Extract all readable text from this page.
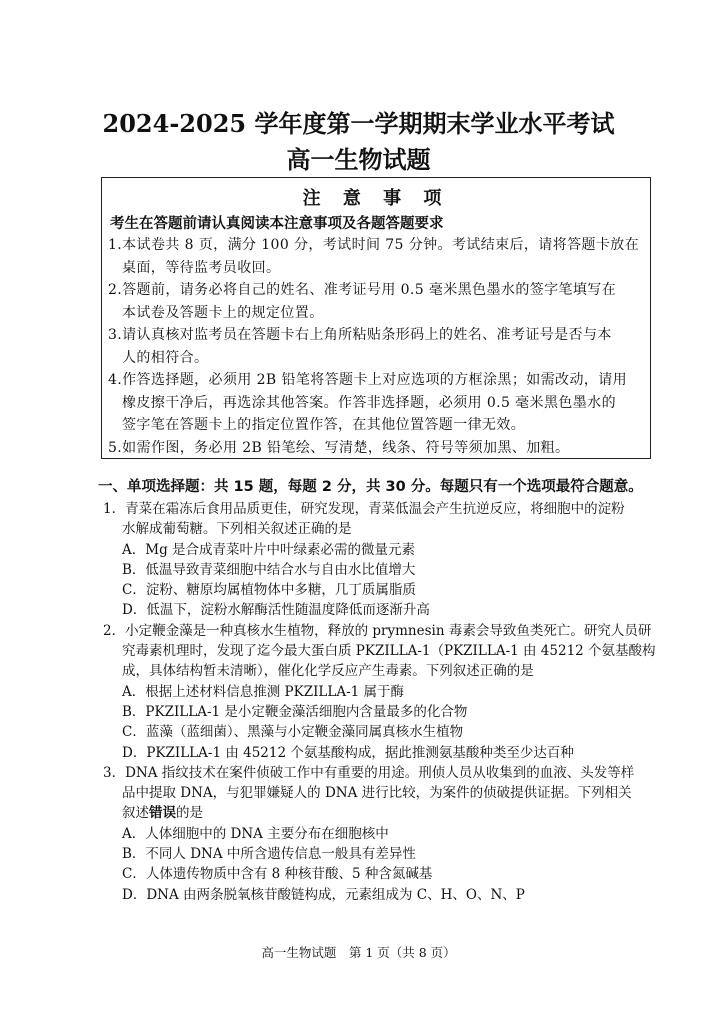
2024-2025 学年度第一学期期末学业水平考试
高一生物试题
注 意 事 项
考生在答题前请认真阅读本注意事项及各题答题要求
1.本试卷共 8 页，满分 100 分，考试时间 75 分钟。考试结束后，请将答题卡放在
桌面，等待监考员收回。
2.答题前，请务必将自己的姓名、准考证号用 0.5 毫米黑色墨水的签字笔填写在
本试卷及答题卡上的规定位置。
3.请认真核对监考员在答题卡右上角所粘贴条形码上的姓名、准考证号是否与本
人的相符合。
4.作答选择题，必须用 2B 铅笔将答题卡上对应选项的方框涂黑；如需改动，请用
橡皮擦干净后，再选涂其他答案。作答非选择题，必须用 0.5 毫米黑色墨水的
签字笔在答题卡上的指定位置作答，在其他位置答题一律无效。
5.如需作图，务必用 2B 铅笔绘、写清楚，线条、符号等须加黑、加粗。
一、单项选择题：共 15 题，每题 2 分，共 30 分。每题只有一个选项最符合题意。
1．青菜在霜冻后食用品质更佳，研究发现，青菜低温会产生抗逆反应，将细胞中的淀粉
水解成葡萄糖。下列相关叙述正确的是
A．Mg 是合成青菜叶片中叶绿素必需的微量元素
B．低温导致青菜细胞中结合水与自由水比值增大
C．淀粉、糖原均属植物体中多糖，几丁质属脂质
D．低温下，淀粉水解酶活性随温度降低而逐渐升高
2．小定鞭金藻是一种真核水生植物，释放的 prymnesin 毒素会导致鱼类死亡。研究人员研
究毒素机理时，发现了迄今最大蛋白质 PKZILLA-1（PKZILLA-1 由 45212 个氨基酸构
成，具体结构暂未清晰），催化化学反应产生毒素。下列叙述正确的是
A．根据上述材料信息推测 PKZILLA-1 属于酶
B．PKZILLA-1 是小定鞭金藻活细胞内含量最多的化合物
C．蓝藻（蓝细菌）、黑藻与小定鞭金藻同属真核水生植物
D．PKZILLA-1 由 45212 个氨基酸构成，据此推测氨基酸种类至少达百种
3．DNA 指纹技术在案件侦破工作中有重要的用途。刑侦人员从收集到的血液、头发等样
品中提取 DNA，与犯罪嫌疑人的 DNA 进行比较，为案件的侦破提供证据。下列相关
叙述错误的是
A．人体细胞中的 DNA 主要分布在细胞核中
B．不同人 DNA 中所含遗传信息一般具有差异性
C．人体遗传物质中含有 8 种核苷酸、5 种含氮碱基
D．DNA 由两条脱氧核苷酸链构成，元素组成为 C、H、O、N、P
高一生物试题　第 1 页（共 8 页）
